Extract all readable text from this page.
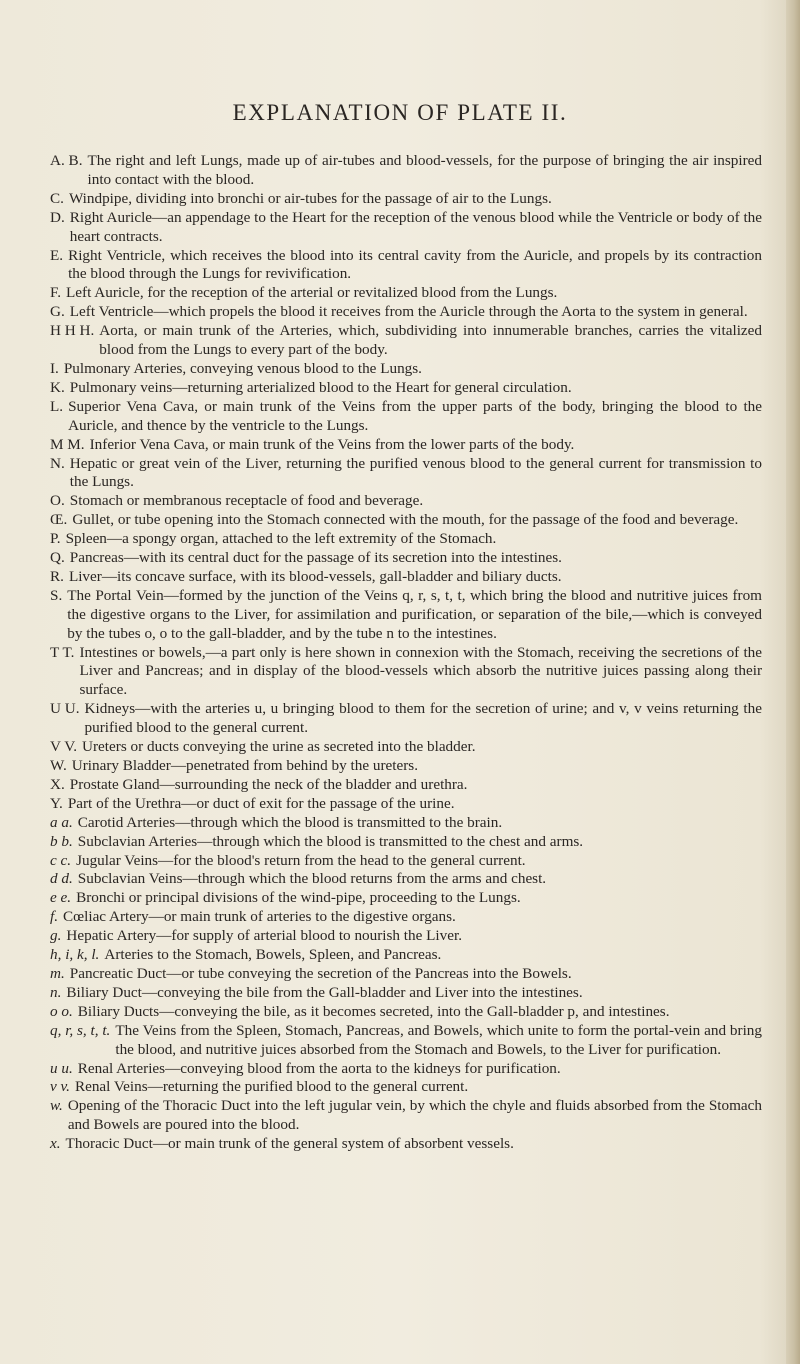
EXPLANATION OF PLATE II.
A. B. The right and left Lungs, made up of air-tubes and blood-vessels, for the purpose of bringing the air inspired into contact with the blood.
C. Windpipe, dividing into bronchi or air-tubes for the passage of air to the Lungs.
D. Right Auricle—an appendage to the Heart for the reception of the venous blood while the Ventricle or body of the heart contracts.
E. Right Ventricle, which receives the blood into its central cavity from the Auricle, and propels by its contraction the blood through the Lungs for revivification.
F. Left Auricle, for the reception of the arterial or revitalized blood from the Lungs.
G. Left Ventricle—which propels the blood it receives from the Auricle through the Aorta to the system in general.
H H H. Aorta, or main trunk of the Arteries, which, subdividing into innumerable branches, carries the vitalized blood from the Lungs to every part of the body.
I. Pulmonary Arteries, conveying venous blood to the Lungs.
K. Pulmonary veins—returning arterialized blood to the Heart for general circulation.
L. Superior Vena Cava, or main trunk of the Veins from the upper parts of the body, bringing the blood to the Auricle, and thence by the ventricle to the Lungs.
M M. Inferior Vena Cava, or main trunk of the Veins from the lower parts of the body.
N. Hepatic or great vein of the Liver, returning the purified venous blood to the general current for transmission to the Lungs.
O. Stomach or membranous receptacle of food and beverage.
Œ. Gullet, or tube opening into the Stomach connected with the mouth, for the passage of the food and beverage.
P. Spleen—a spongy organ, attached to the left extremity of the Stomach.
Q. Pancreas—with its central duct for the passage of its secretion into the intestines.
R. Liver—its concave surface, with its blood-vessels, gall-bladder and biliary ducts.
S. The Portal Vein—formed by the junction of the Veins q, r, s, t, t, which bring the blood and nutritive juices from the digestive organs to the Liver, for assimilation and purification, or separation of the bile,—which is conveyed by the tubes o, o to the gall-bladder, and by the tube n to the intestines.
T T. Intestines or bowels,—a part only is here shown in connexion with the Stomach, receiving the secretions of the Liver and Pancreas; and in display of the blood-vessels which absorb the nutritive juices passing along their surface.
U U. Kidneys—with the arteries u, u bringing blood to them for the secretion of urine; and v, v veins returning the purified blood to the general current.
V V. Ureters or ducts conveying the urine as secreted into the bladder.
W. Urinary Bladder—penetrated from behind by the ureters.
X. Prostate Gland—surrounding the neck of the bladder and urethra.
Y. Part of the Urethra—or duct of exit for the passage of the urine.
a a. Carotid Arteries—through which the blood is transmitted to the brain.
b b. Subclavian Arteries—through which the blood is transmitted to the chest and arms.
c c. Jugular Veins—for the blood's return from the head to the general current.
d d. Subclavian Veins—through which the blood returns from the arms and chest.
e e. Bronchi or principal divisions of the wind-pipe, proceeding to the Lungs.
f. Cœliac Artery—or main trunk of arteries to the digestive organs.
g. Hepatic Artery—for supply of arterial blood to nourish the Liver.
h, i, k, l. Arteries to the Stomach, Bowels, Spleen, and Pancreas.
m. Pancreatic Duct—or tube conveying the secretion of the Pancreas into the Bowels.
n. Biliary Duct—conveying the bile from the Gall-bladder and Liver into the intestines.
o o. Biliary Ducts—conveying the bile, as it becomes secreted, into the Gall-bladder p, and intestines.
q, r, s, t, t. The Veins from the Spleen, Stomach, Pancreas, and Bowels, which unite to form the portal-vein and bring the blood, and nutritive juices absorbed from the Stomach and Bowels, to the Liver for purification.
u u. Renal Arteries—conveying blood from the aorta to the kidneys for purification.
v v. Renal Veins—returning the purified blood to the general current.
w. Opening of the Thoracic Duct into the left jugular vein, by which the chyle and fluids absorbed from the Stomach and Bowels are poured into the blood.
x. Thoracic Duct—or main trunk of the general system of absorbent vessels.
